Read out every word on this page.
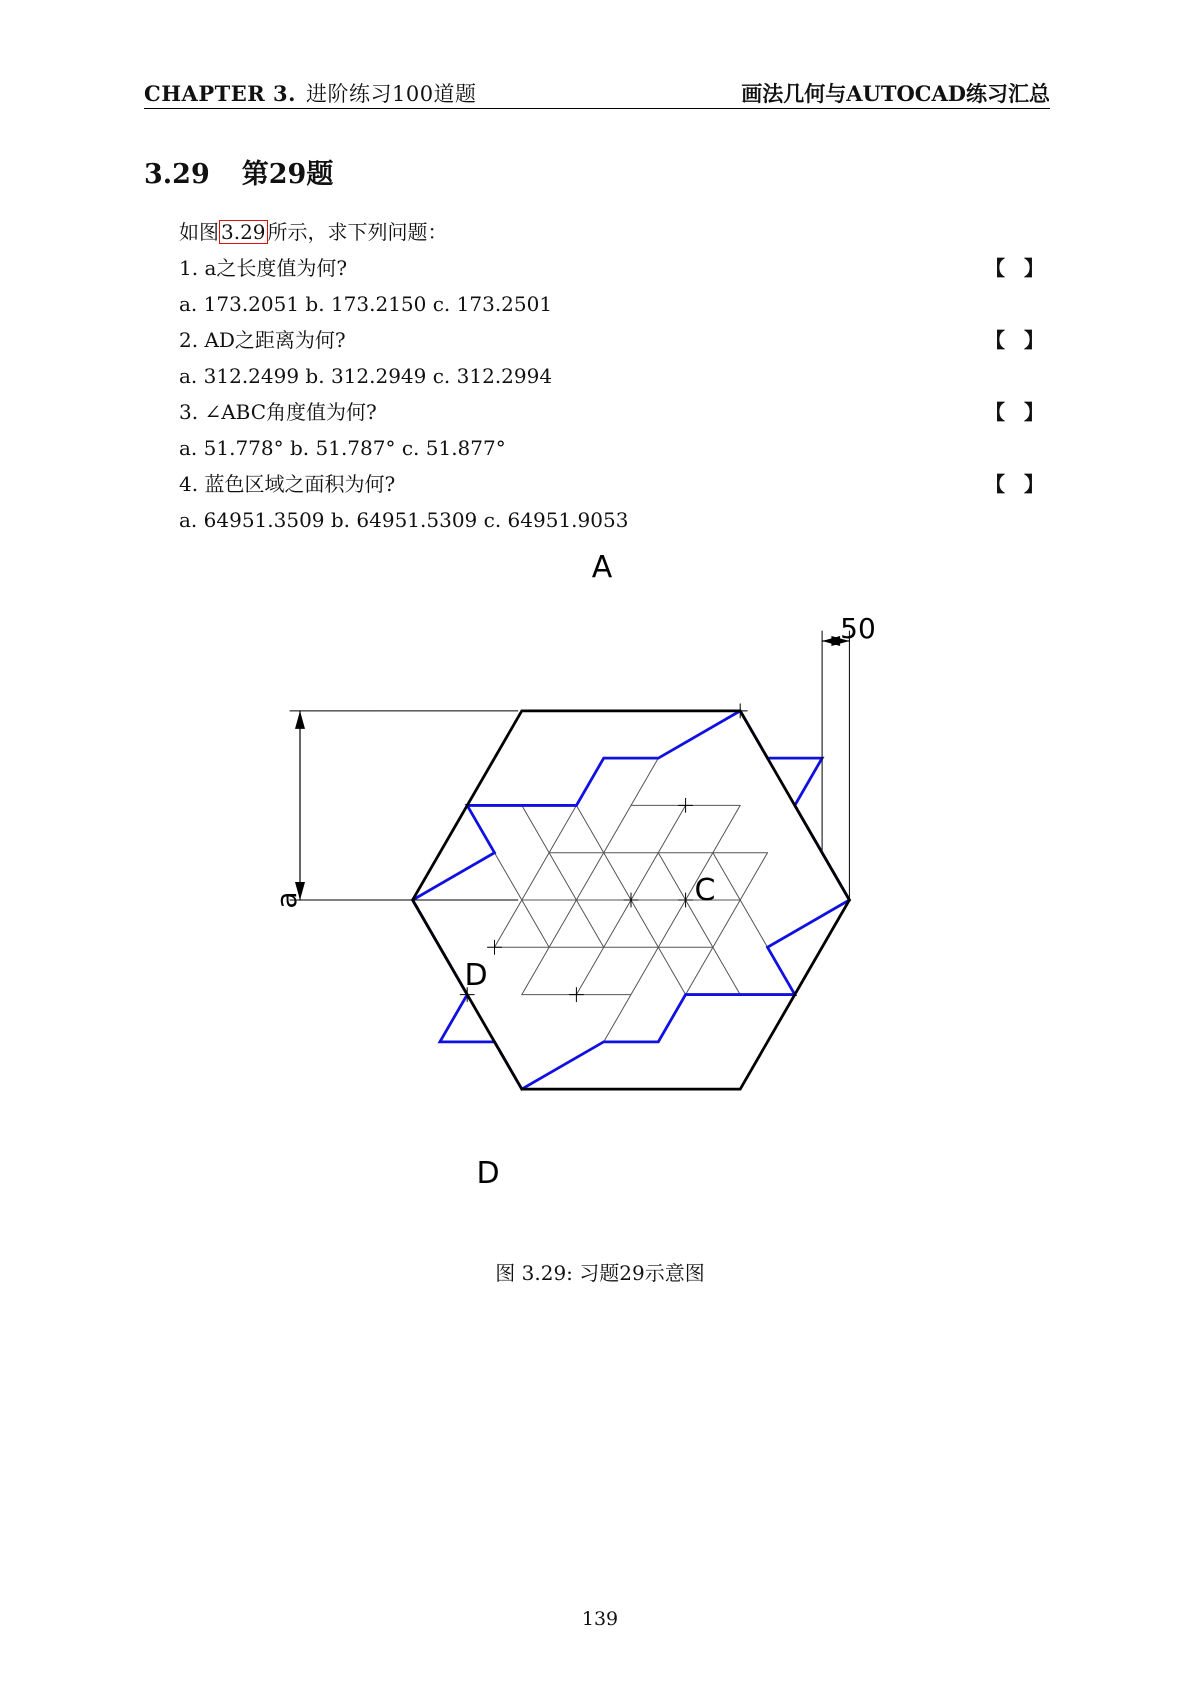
CHAPTER 3. 进阶练习100道题	画法几何与AUTOCAD练习汇总
3.29 第29题
如图 3.29 所示，求下列问题：
1. a之长度值为何?	【 】
a. 173.2051 b. 173.2150 c. 173.2501
2. AD之距离为何?	【 】
a. 312.2499 b. 312.2949 c. 312.2994
3. ∠ABC角度值为何?	【 】
a. 51.778° b. 51.787° c. 51.877°
4. 蓝色区域之面积为何?	【 】
a. 64951.3509 b. 64951.5309 c. 64951.9053
A
C
D
D
50
a
图 3.29: 习题29示意图
139
